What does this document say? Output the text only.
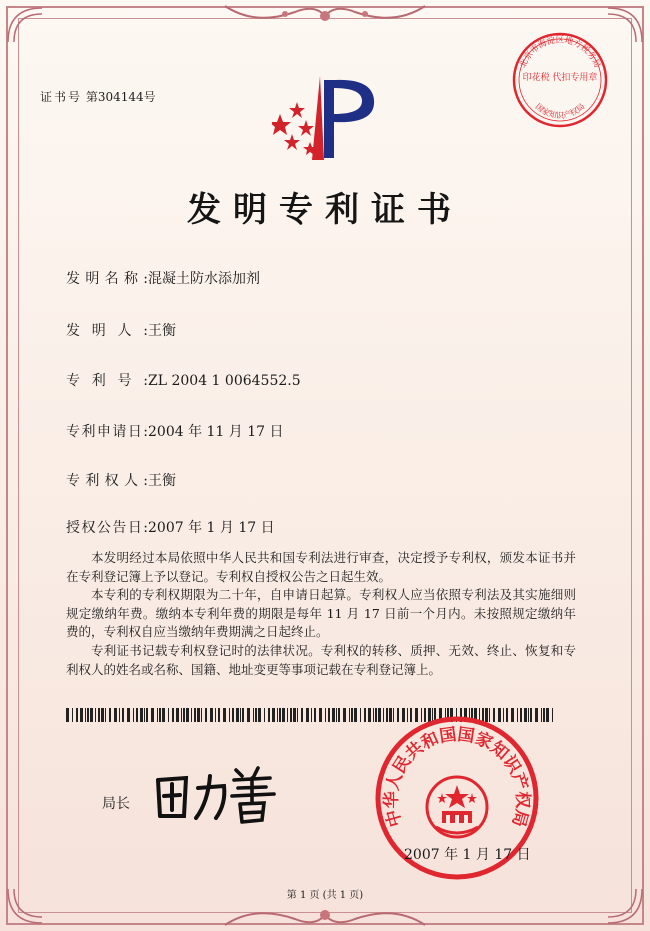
证书号 第304144号
北京市海淀区地方税务局
印花税 代扣专用章
国家知识产权局
发明专利证书
发明名称:混凝土防水添加剂
发明人:王衡
专利号:ZL 2004 1 0064552.5
专利申请日:2004 年 11 月 17 日
专利权人:王衡
授权公告日:2007 年 1 月 17 日

本发明经过本局依照中华人民共和国专利法进行审查，决定授予专利权，颁发本证书并在专利登记簿上予以登记。专利权自授权公告之日起生效。

本专利的专利权期限为二十年，自申请日起算。专利权人应当依照专利法及其实施细则规定缴纳年费。缴纳本专利年费的期限是每年 11 月 17 日前一个月内。未按照规定缴纳年费的，专利权自应当缴纳年费期满之日起终止。

专利证书记载专利权登记时的法律状况。专利权的转移、质押、无效、终止、恢复和专利权人的姓名或名称、国籍、地址变更等事项记载在专利登记簿上。

局长
中华人民共和国国家知识产权局
2007 年 1 月 17 日
第 1 页 (共 1 页)
